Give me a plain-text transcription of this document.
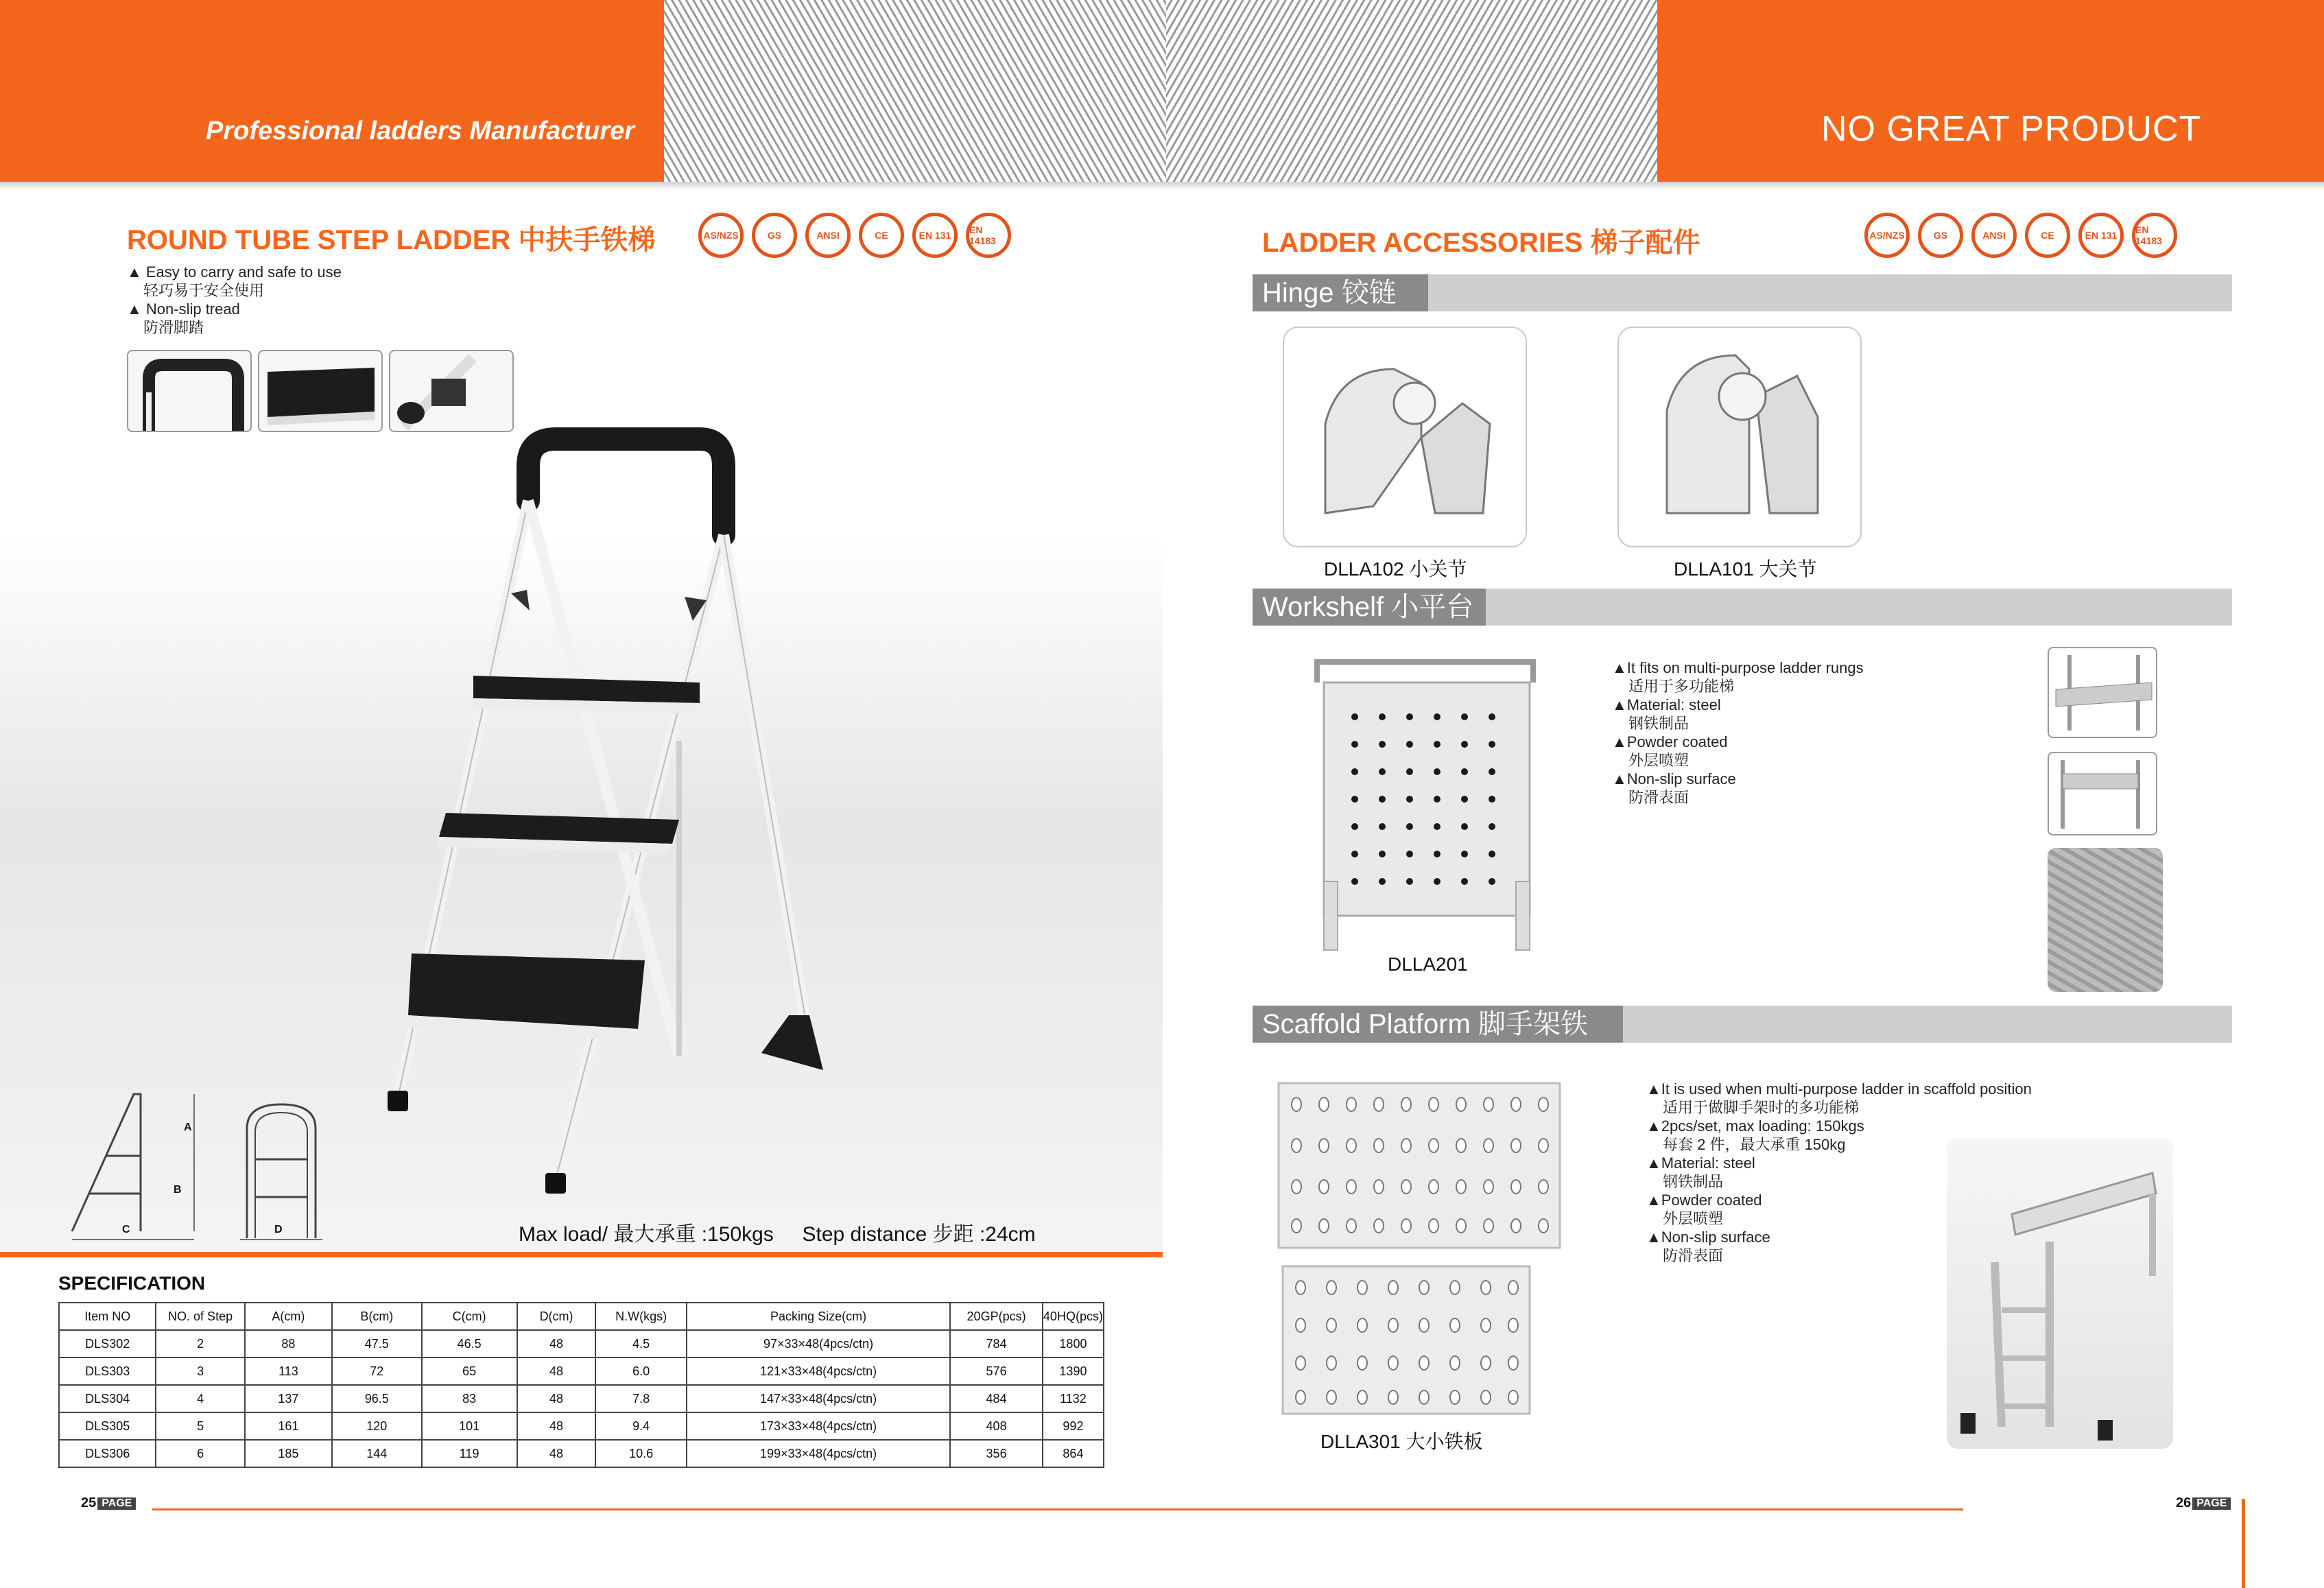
Professional ladders Manufacturer	NO GREAT PRODUCT
ROUND TUBE STEP LADDER 中扶手铁梯	AS/NZS	GS	ANSI	CE	EN 131	EN 14183
▲ Easy to carry and safe to use
轻巧易于安全使用
▲ Non-slip tread
防滑脚踏
A
B
C	D	Max load/ 最大承重 :150kgs     Step distance 步距 :24cm
SPECIFICATION
Item NO	NO. of Step	A(cm)	B(cm)	C(cm)	D(cm)	N.W(kgs)	Packing Size(cm)	20GP(pcs)	40HQ(pcs)
DLS302	2	88	47.5	46.5	48	4.5	97×33×48(4pcs/ctn)	784	1800
DLS303	3	113	72	65	48	6.0	121×33×48(4pcs/ctn)	576	1390
DLS304	4	137	96.5	83	48	7.8	147×33×48(4pcs/ctn)	484	1132
DLS305	5	161	120	101	48	9.4	173×33×48(4pcs/ctn)	408	992
DLS306	6	185	144	119	48	10.6	199×33×48(4pcs/ctn)	356	864
25 PAGE
LADDER ACCESSORIES 梯子配件	AS/NZS	GS	ANSI	CE	EN 131	EN 14183
Hinge 铰链
DLLA102 小关节	DLLA101 大关节
Workshelf 小平台
DLLA201
▲It fits on multi-purpose ladder rungs
适用于多功能梯
▲Material: steel
钢铁制品
▲Powder coated
外层喷塑
▲Non-slip surface
防滑表面
Scaffold Platform 脚手架铁板
DLLA301 大小铁板
▲It is used when multi-purpose ladder in scaffold position
适用于做脚手架时的多功能梯
▲2pcs/set, max loading: 150kgs
每套 2 件，最大承重 150kg
▲Material: steel
钢铁制品
▲Powder coated
外层喷塑
▲Non-slip surface
防滑表面
26 PAGE
